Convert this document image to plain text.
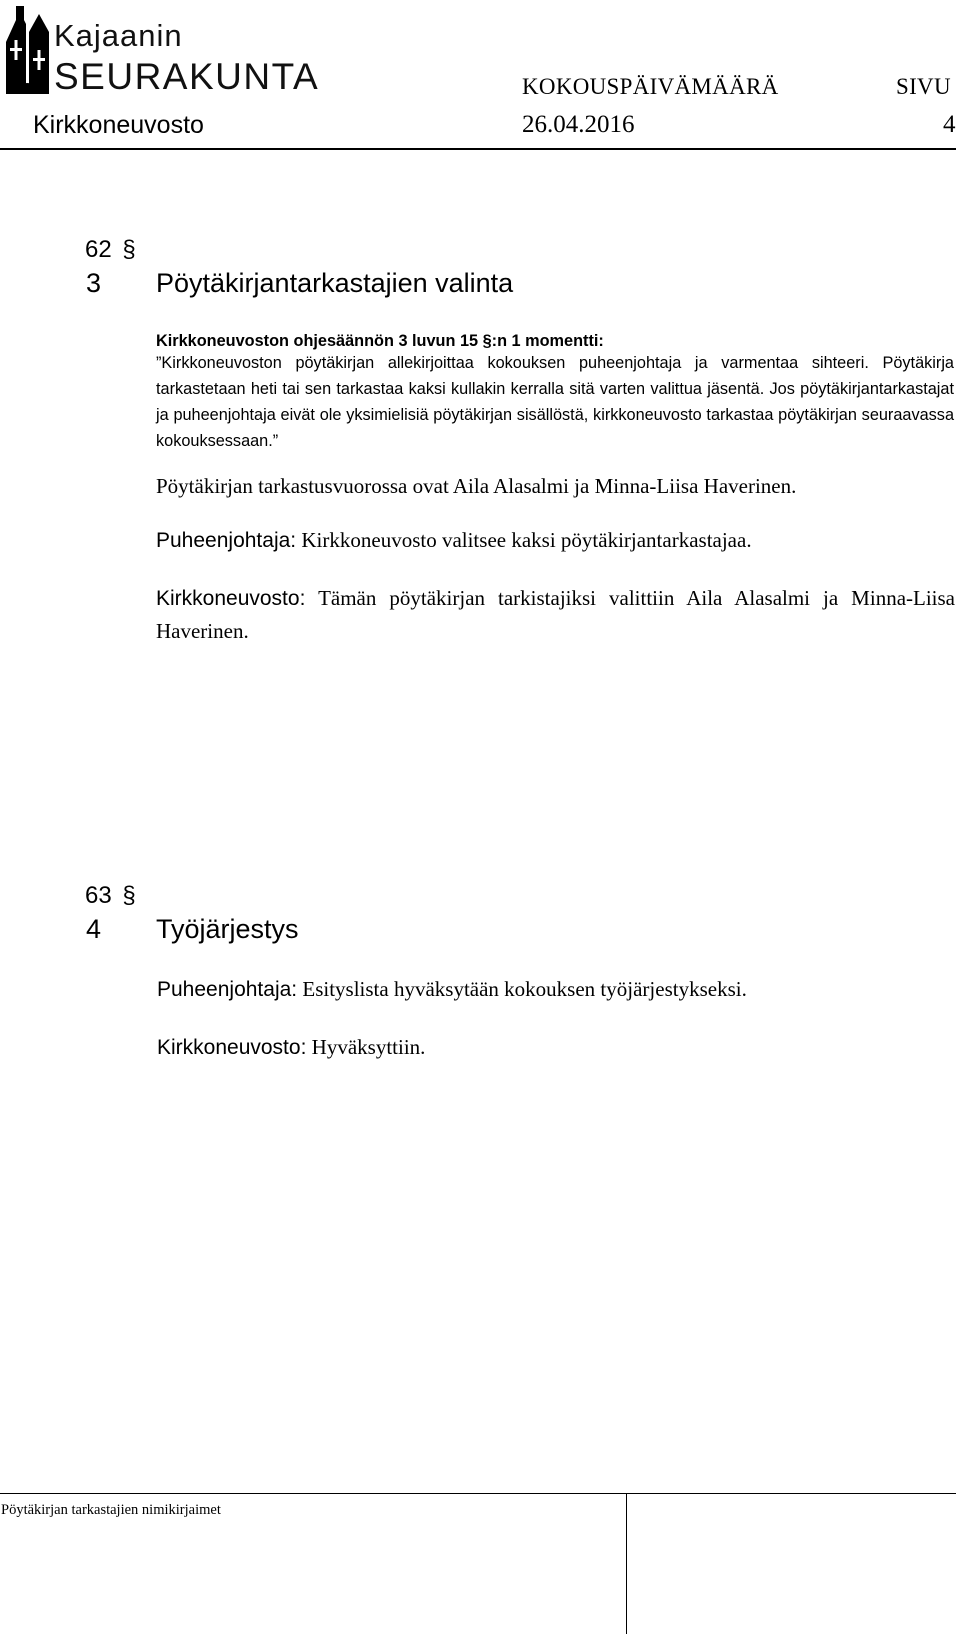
Kajaanin
SEURAKUNTA	KOKOUSPÄIVÄMÄÄRÄ	SIVU
Kirkkoneuvosto	26.04.2016	4
62 §
3 Pöytäkirjantarkastajien valinta
Kirkkoneuvoston ohjesäännön 3 luvun 15 §:n 1 momentti:
”Kirkkoneuvoston pöytäkirjan allekirjoittaa kokouksen puheenjohtaja ja varmentaa sihteeri. Pöytäkirja tarkastetaan heti tai sen tarkastaa kaksi kullakin kerralla sitä varten valittua jäsentä. Jos pöytäkirjantarkastajat ja puheenjohtaja eivät ole yksimielisiä pöytäkirjan sisällöstä, kirkkoneuvosto tarkastaa pöytäkirjan seuraavassa kokouksessaan.”
Pöytäkirjan tarkastusvuorossa ovat Aila Alasalmi ja Minna-Liisa Haverinen.
Puheenjohtaja: Kirkkoneuvosto valitsee kaksi pöytäkirjantarkastajaa.
Kirkkoneuvosto: Tämän pöytäkirjan tarkistajiksi valittiin Aila Alasalmi ja Minna-Liisa Haverinen.
63 §
4 Työjärjestys
Puheenjohtaja: Esityslista hyväksytään kokouksen työjärjestykseksi.
Kirkkoneuvosto: Hyväksyttiin.
Pöytäkirjan tarkastajien nimikirjaimet
